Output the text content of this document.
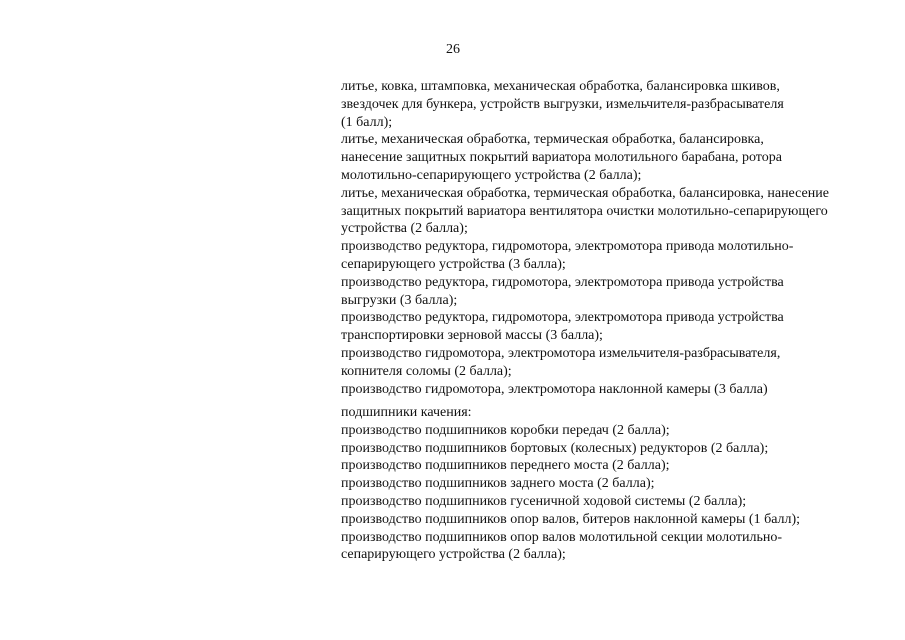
26
литье, ковка, штамповка, механическая обработка, балансировка шкивов,
звездочек для бункера, устройств выгрузки, измельчителя-разбрасывателя
(1 балл);
литье, механическая обработка, термическая обработка, балансировка,
нанесение защитных покрытий вариатора молотильного барабана, ротора
молотильно-сепарирующего устройства (2 балла);
литье, механическая обработка, термическая обработка, балансировка, нанесение
защитных покрытий вариатора вентилятора очистки молотильно-сепарирующего
устройства (2 балла);
производство редуктора, гидромотора, электромотора привода молотильно-
сепарирующего устройства (3 балла);
производство редуктора, гидромотора, электромотора привода устройства
выгрузки (3 балла);
производство редуктора, гидромотора, электромотора привода устройства
транспортировки зерновой массы (3 балла);
производство гидромотора, электромотора измельчителя-разбрасывателя,
копнителя соломы (2 балла);
производство гидромотора, электромотора наклонной камеры (3 балла)
подшипники качения:
производство подшипников коробки передач (2 балла);
производство подшипников бортовых (колесных) редукторов (2 балла);
производство подшипников переднего моста (2 балла);
производство подшипников заднего моста (2 балла);
производство подшипников гусеничной ходовой системы (2 балла);
производство подшипников опор валов, битеров наклонной камеры (1 балл);
производство подшипников опор валов молотильной секции молотильно-
сепарирующего устройства (2 балла);
